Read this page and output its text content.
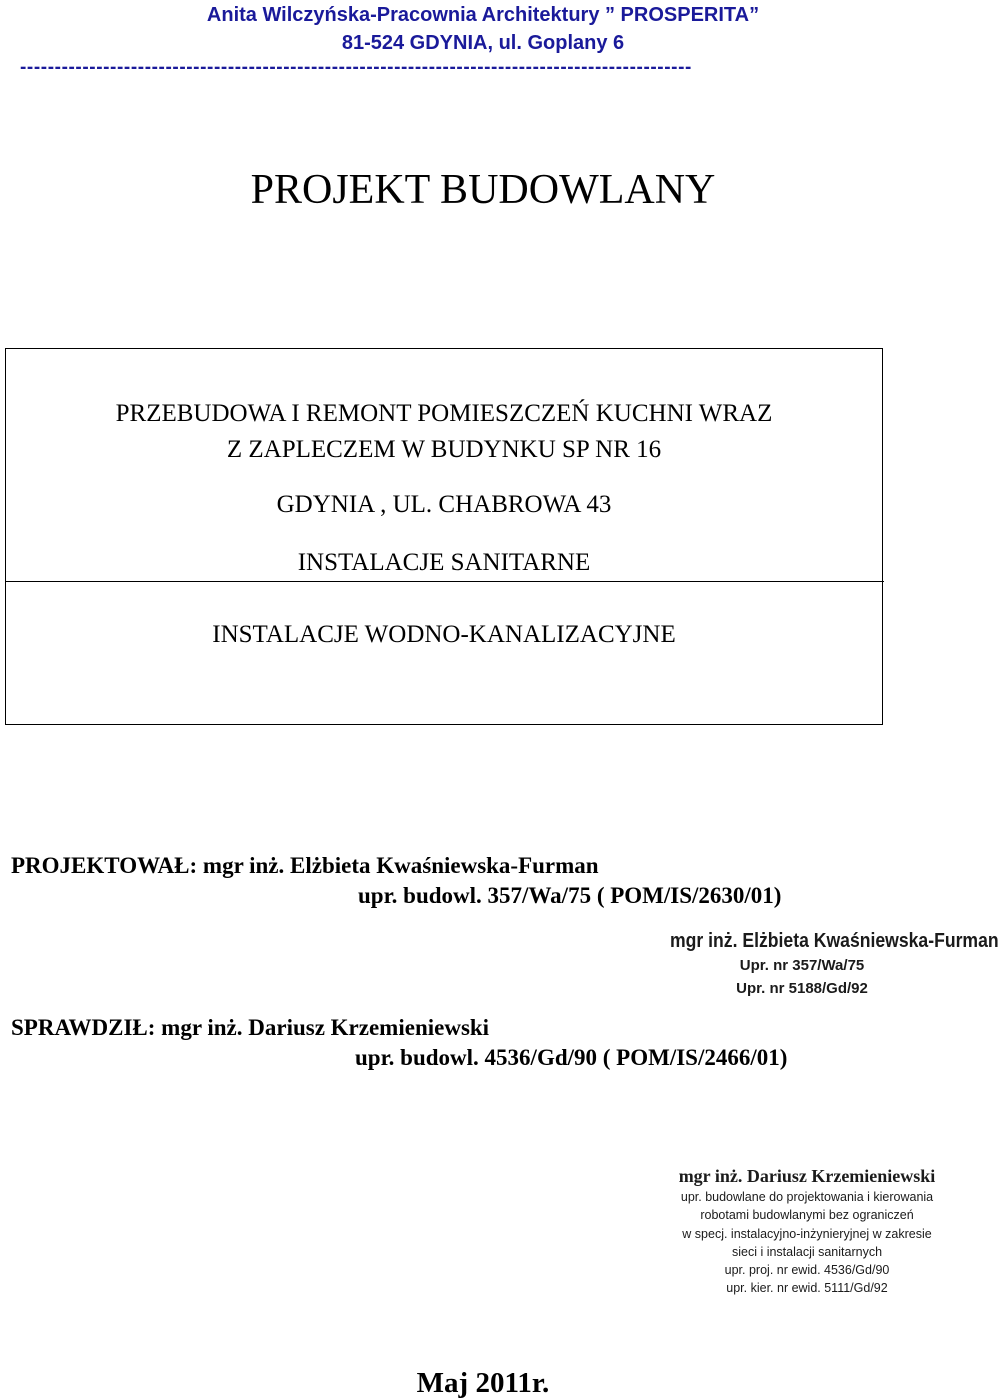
Anita Wilczyńska-Pracownia Architektury ” PROSPERITA”
81-524 GDYNIA, ul. Goplany 6
-------------------------------------------------------------------------------------------------
PROJEKT BUDOWLANY
PRZEBUDOWA I REMONT POMIESZCZEŃ KUCHNI WRAZ
Z ZAPLECZEM W BUDYNKU SP NR 16
GDYNIA , UL. CHABROWA 43
INSTALACJE SANITARNE
INSTALACJE WODNO-KANALIZACYJNE
PROJEKTOWAŁ: mgr inż. Elżbieta Kwaśniewska-Furman
upr. budowl. 357/Wa/75 ( POM/IS/2630/01)
mgr inż. Elżbieta Kwaśniewska-Furman
Upr. nr 357/Wa/75
Upr. nr 5188/Gd/92
SPRAWDZIŁ: mgr inż. Dariusz Krzemieniewski
upr. budowl. 4536/Gd/90 ( POM/IS/2466/01)
mgr inż. Dariusz Krzemieniewski
upr. budowlane do projektowania i kierowania
robotami budowlanymi bez ograniczeń
w specj. instalacyjno-inżynieryjnej w zakresie
sieci i instalacji sanitarnych
upr. proj. nr ewid. 4536/Gd/90
upr. kier. nr ewid. 5111/Gd/92
Maj 2011r.
